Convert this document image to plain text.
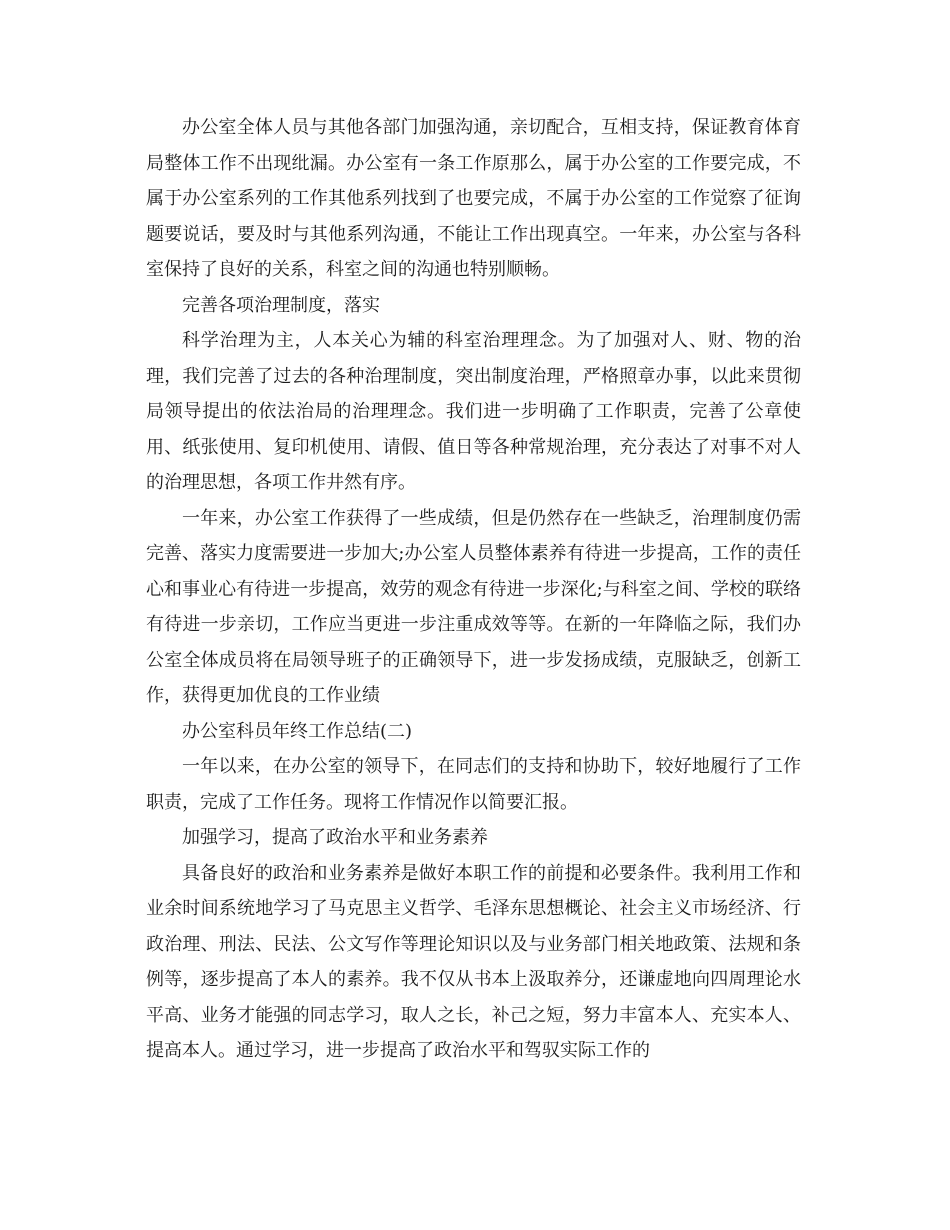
办公室全体人员与其他各部门加强沟通，亲切配合，互相支持，保证教育体育局整体工作不出现纰漏。办公室有一条工作原那么，属于办公室的工作要完成，不属于办公室系列的工作其他系列找到了也要完成，不属于办公室的工作觉察了征询题要说话，要及时与其他系列沟通，不能让工作出现真空。一年来，办公室与各科室保持了良好的关系，科室之间的沟通也特别顺畅。

完善各项治理制度，落实

科学治理为主，人本关心为辅的科室治理理念。为了加强对人、财、物的治理，我们完善了过去的各种治理制度，突出制度治理，严格照章办事，以此来贯彻局领导提出的依法治局的治理理念。我们进一步明确了工作职责，完善了公章使用、纸张使用、复印机使用、请假、值日等各种常规治理，充分表达了对事不对人的治理思想，各项工作井然有序。

一年来，办公室工作获得了一些成绩，但是仍然存在一些缺乏，治理制度仍需完善、落实力度需要进一步加大;办公室人员整体素养有待进一步提高，工作的责任心和事业心有待进一步提高，效劳的观念有待进一步深化;与科室之间、学校的联络有待进一步亲切，工作应当更进一步注重成效等等。在新的一年降临之际，我们办公室全体成员将在局领导班子的正确领导下，进一步发扬成绩，克服缺乏，创新工作，获得更加优良的工作业绩

办公室科员年终工作总结(二)

一年以来，在办公室的领导下，在同志们的支持和协助下，较好地履行了工作职责，完成了工作任务。现将工作情况作以简要汇报。

加强学习，提高了政治水平和业务素养

具备良好的政治和业务素养是做好本职工作的前提和必要条件。我利用工作和业余时间系统地学习了马克思主义哲学、毛泽东思想概论、社会主义市场经济、行政治理、刑法、民法、公文写作等理论知识以及与业务部门相关地政策、法规和条例等，逐步提高了本人的素养。我不仅从书本上汲取养分，还谦虚地向四周理论水平高、业务才能强的同志学习，取人之长，补己之短，努力丰富本人、充实本人、提高本人。通过学习，进一步提高了政治水平和驾驭实际工作的
